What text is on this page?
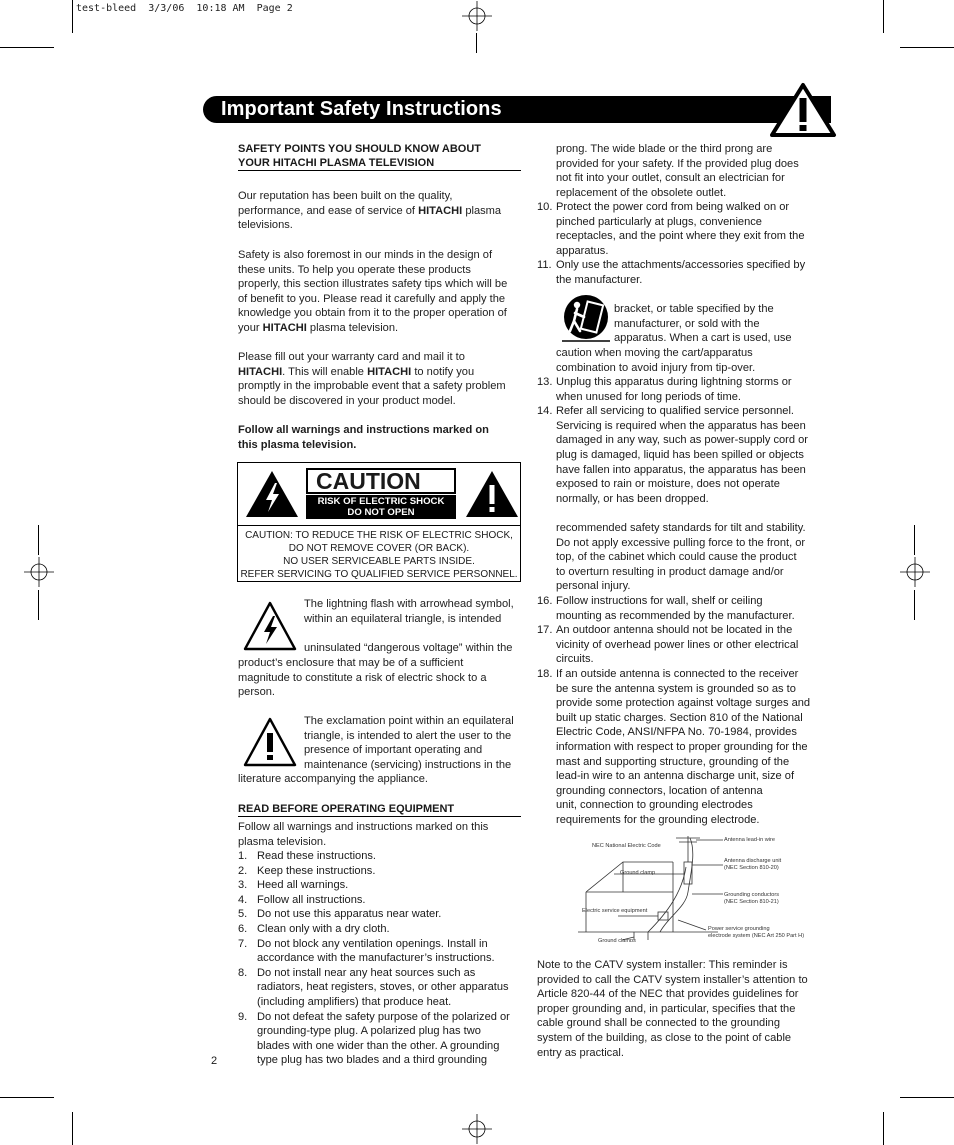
test-bleed  3/3/06  10:18 AM  Page 2
Important Safety Instructions
SAFETY POINTS YOU SHOULD KNOW ABOUT
YOUR HITACHI PLASMA TELEVISION
Our reputation has been built on the quality,
performance, and ease of service of HITACHI plasma
televisions.
Safety is also foremost in our minds in the design of
these units. To help you operate these products
properly, this section illustrates safety tips which will be
of benefit to you. Please read it carefully and apply the
knowledge you obtain from it to the proper operation of
your HITACHI plasma television.
Please fill out your warranty card and mail it to
HITACHI. This will enable HITACHI to notify you
promptly in the improbable event that a safety problem
should be discovered in your product model.
Follow all warnings and instructions marked on
this plasma television.
CAUTION
RISK OF ELECTRIC SHOCK
DO NOT OPEN
CAUTION: TO REDUCE THE RISK OF ELECTRIC SHOCK,
DO NOT REMOVE COVER (OR BACK).
NO USER SERVICEABLE PARTS INSIDE.
REFER SERVICING TO QUALIFIED SERVICE PERSONNEL.
The lightning flash with arrowhead symbol,
within an equilateral triangle, is intended
uninsulated “dangerous voltage” within the
product’s enclosure that may be of a sufficient
magnitude to constitute a risk of electric shock to a
person.
The exclamation point within an equilateral
triangle, is intended to alert the user to the
presence of important operating and
maintenance (servicing) instructions in the
literature accompanying the appliance.
READ BEFORE OPERATING EQUIPMENT
Follow all warnings and instructions marked on this
plasma television.
1. Read these instructions.
2. Keep these instructions.
3. Heed all warnings.
4. Follow all instructions.
5. Do not use this apparatus near water.
6. Clean only with a dry cloth.
7. Do not block any ventilation openings. Install in
accordance with the manufacturer’s instructions.
8. Do not install near any heat sources such as
radiators, heat registers, stoves, or other apparatus
(including amplifiers) that produce heat.
9. Do not defeat the safety purpose of the polarized or
grounding-type plug. A polarized plug has two
blades with one wider than the other. A grounding
type plug has two blades and a third grounding
2
prong. The wide blade or the third prong are
provided for your safety. If the provided plug does
not fit into your outlet, consult an electrician for
replacement of the obsolete outlet.
10. Protect the power cord from being walked on or
pinched particularly at plugs, convenience
receptacles, and the point where they exit from the
apparatus.
11. Only use the attachments/accessories specified by
the manufacturer.
bracket, or table specified by the
manufacturer, or sold with the
apparatus. When a cart is used, use
caution when moving the cart/apparatus
combination to avoid injury from tip-over.
13. Unplug this apparatus during lightning storms or
when unused for long periods of time.
14. Refer all servicing to qualified service personnel.
Servicing is required when the apparatus has been
damaged in any way, such as power-supply cord or
plug is damaged, liquid has been spilled or objects
have fallen into apparatus, the apparatus has been
exposed to rain or moisture, does not operate
normally, or has been dropped.
recommended safety standards for tilt and stability.
Do not apply excessive pulling force to the front, or
top, of the cabinet which could cause the product
to overturn resulting in product damage and/or
personal injury.
16. Follow instructions for wall, shelf or ceiling
mounting as recommended by the manufacturer.
17. An outdoor antenna should not be located in the
vicinity of overhead power lines or other electrical
circuits.
18. If an outside antenna is connected to the receiver
be sure the antenna system is grounded so as to
provide some protection against voltage surges and
built up static charges. Section 810 of the National
Electric Code, ANSI/NFPA No. 70-1984, provides
information with respect to proper grounding for the
mast and supporting structure, grounding of the
lead-in wire to an antenna discharge unit, size of
grounding connectors, location of antenna
unit, connection to grounding electrodes
requirements for the grounding electrode.
NEC National Electric Code
Antenna lead-in wire
Antenna discharge unit
(NEC Section 810-20)
Ground clamp
Grounding conductors
(NEC Section 810-21)
Electric service equipment
Power service grounding
electrode system (NEC Art 250 Part H)
Ground clamps
Note to the CATV system installer: This reminder is
provided to call the CATV system installer’s attention to
Article 820-44 of the NEC that provides guidelines for
proper grounding and, in particular, specifies that the
cable ground shall be connected to the grounding
system of the building, as close to the point of cable
entry as practical.
